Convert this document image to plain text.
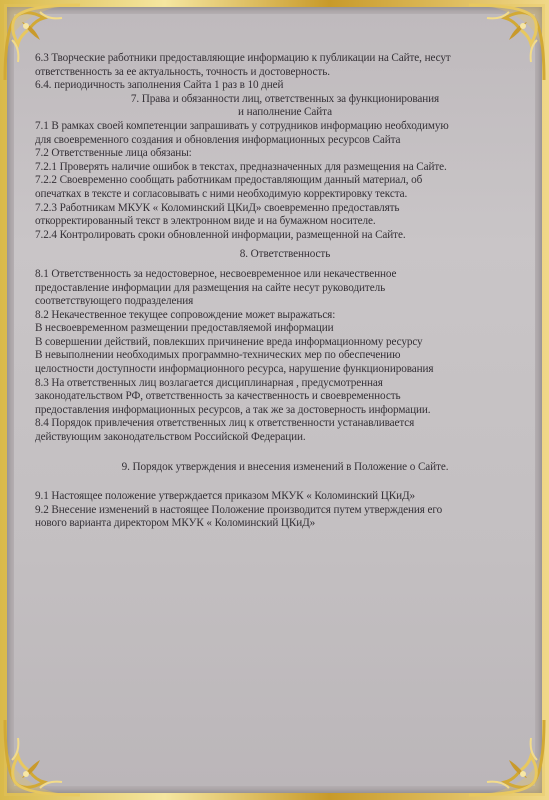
6.3 Творческие работники предоставляющие информацию к публикации на Сайте, несут
ответственность за ее актуальность, точность и достоверность.
6.4. периодичность заполнения Сайта 1 раз в 10 дней
7. Права и обязанности лиц, ответственных за функционирования
и наполнение Сайта
7.1 В рамках своей компетенции запрашивать у сотрудников информацию необходимую
для своевременного создания и обновления информационных ресурсов Сайта
7.2 Ответственные лица обязаны:
7.2.1 Проверять наличие ошибок в текстах, предназначенных для размещения на Сайте.
7.2.2 Своевременно сообщать работникам предоставляющим данный материал, об
опечатках в тексте и согласовывать с ними необходимую корректировку текста.
7.2.3 Работникам МКУК « Коломинский ЦКиД» своевременно предоставлять
откорректированный текст в электронном виде и на бумажном носителе.
7.2.4 Контролировать сроки обновленной информации, размещенной на Сайте.
8. Ответственность
8.1 Ответственность за недостоверное, несвоевременное или некачественное
предоставление информации для размещения на сайте несут руководитель
соответствующего подразделения
8.2 Некачественное текущее сопровождение может выражаться:
В несвоевременном размещении предоставляемой информации
В совершении действий, повлекших причинение вреда информационному ресурсу
В невыполнении необходимых программно-технических мер по обеспечению
целостности доступности информационного ресурса, нарушение функционирования
8.3 На ответственных лиц возлагается дисциплинарная , предусмотренная
законодательством РФ, ответственность за качественность и своевременность
предоставления информационных ресурсов, а так же за достоверность информации.
8.4 Порядок привлечения ответственных лиц к ответственности устанавливается
действующим законодательством Российской Федерации.
9. Порядок утверждения и внесения изменений в Положение о Сайте.
9.1 Настоящее положение утверждается приказом МКУК « Коломинский ЦКиД»
9.2 Внесение изменений в настоящее Положение производится путем утверждения его
нового варианта директором МКУК « Коломинский ЦКиД»
